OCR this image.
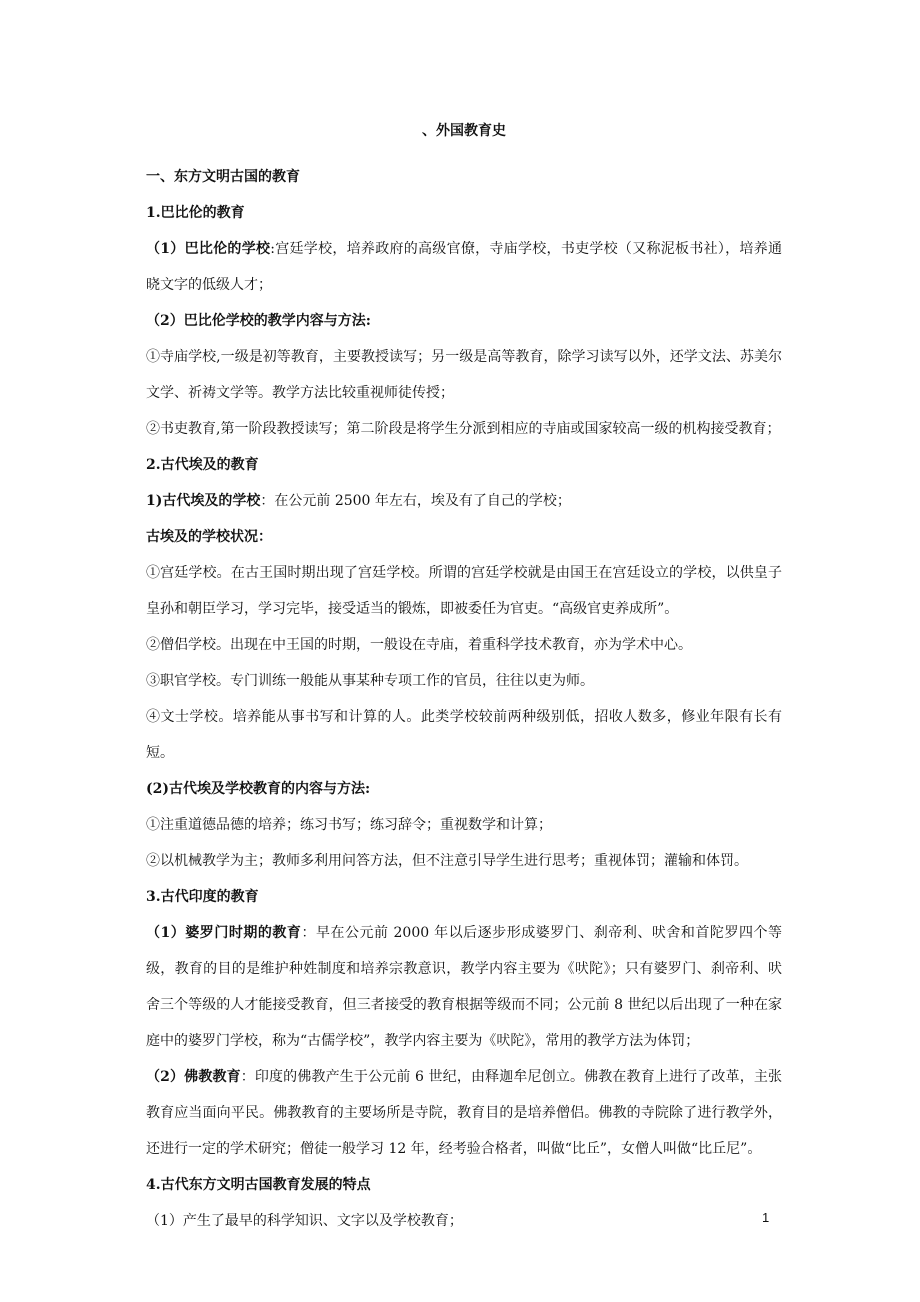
、外国教育史

一、东方文明古国的教育

1.巴比伦的教育

（1）巴比伦的学校:宫廷学校，培养政府的高级官僚，寺庙学校，书吏学校（又称泥板书社），培养通晓文字的低级人才；

（2）巴比伦学校的教学内容与方法:

①寺庙学校,一级是初等教育，主要教授读写；另一级是高等教育，除学习读写以外，还学文法、苏美尔文学、祈祷文学等。教学方法比较重视师徒传授；

②书吏教育,第一阶段教授读写；第二阶段是将学生分派到相应的寺庙或国家较高一级的机构接受教育；

2.古代埃及的教育

1)古代埃及的学校：在公元前 2500 年左右，埃及有了自己的学校；

古埃及的学校状况：

①宫廷学校。在古王国时期出现了宫廷学校。所谓的宫廷学校就是由国王在宫廷设立的学校，以供皇子皇孙和朝臣学习，学习完毕，接受适当的锻炼，即被委任为官吏。“高级官吏养成所”。

②僧侣学校。出现在中王国的时期，一般设在寺庙，着重科学技术教育，亦为学术中心。

③职官学校。专门训练一般能从事某种专项工作的官员，往往以吏为师。

④文士学校。培养能从事书写和计算的人。此类学校较前两种级别低，招收人数多，修业年限有长有短。

(2)古代埃及学校教育的内容与方法:

①注重道德品德的培养；练习书写；练习辞令；重视数学和计算；

②以机械教学为主；教师多利用问答方法，但不注意引导学生进行思考；重视体罚；灌输和体罚。

3.古代印度的教育

（1）婆罗门时期的教育：早在公元前 2000 年以后逐步形成婆罗门、刹帝利、吠舍和首陀罗四个等级，教育的目的是维护种姓制度和培养宗教意识，教学内容主要为《吠陀》；只有婆罗门、刹帝利、吠舍三个等级的人才能接受教育，但三者接受的教育根据等级而不同；公元前 8 世纪以后出现了一种在家庭中的婆罗门学校，称为“古儒学校”，教学内容主要为《吠陀》，常用的教学方法为体罚；

（2）佛教教育：印度的佛教产生于公元前 6 世纪，由释迦牟尼创立。佛教在教育上进行了改革，主张教育应当面向平民。佛教教育的主要场所是寺院，教育目的是培养僧侣。佛教的寺院除了进行教学外，还进行一定的学术研究；僧徒一般学习 12 年，经考验合格者，叫做“比丘”，女僧人叫做“比丘尼”。

4.古代东方文明古国教育发展的特点

（1）产生了最早的科学知识、文字以及学校教育；	1
